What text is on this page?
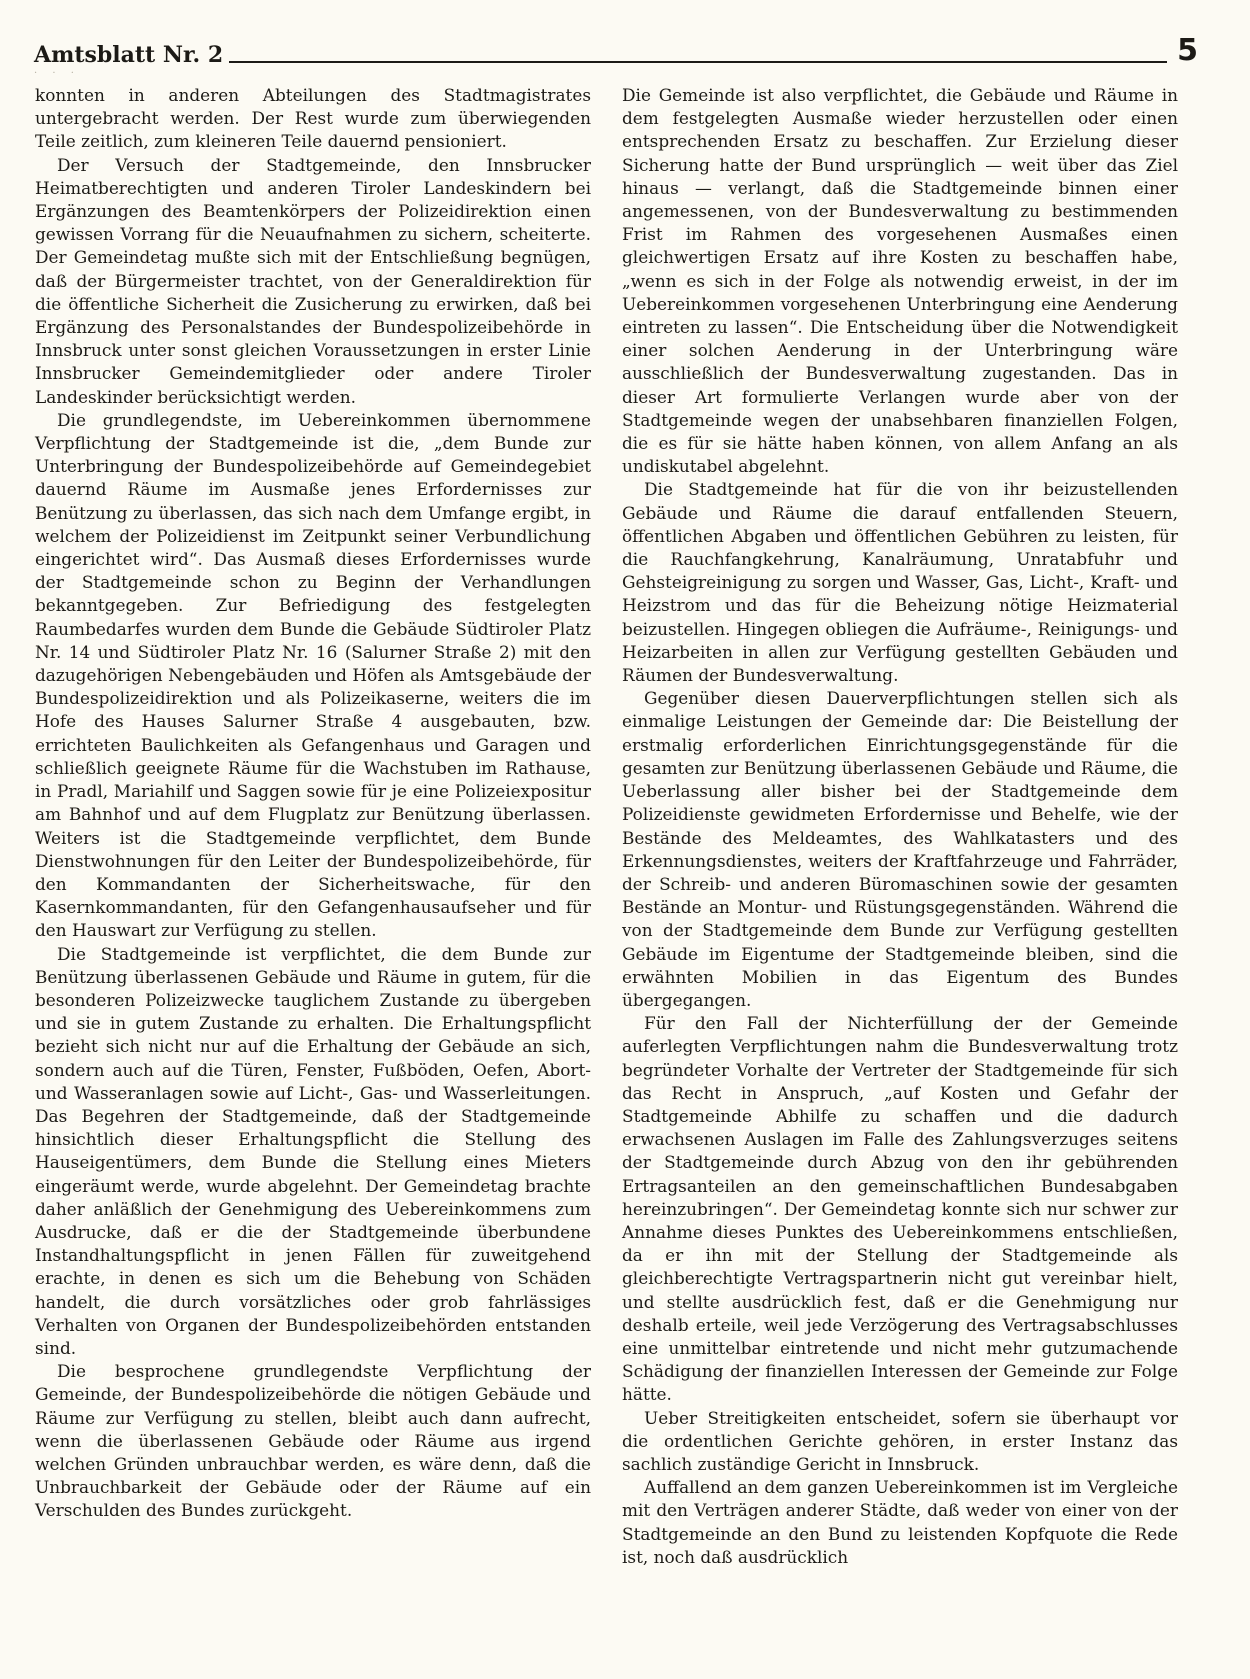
Amtsblatt Nr. 2	5
· · ·

konnten in anderen Abteilungen des Stadtmagistrates untergebracht werden. Der Rest wurde zum überwiegenden Teile zeitlich, zum kleineren Teile dauernd pensioniert.

Der Versuch der Stadtgemeinde, den Innsbrucker Heimatberechtigten und anderen Tiroler Landeskindern bei Ergänzungen des Beamtenkörpers der Polizeidirektion einen gewissen Vorrang für die Neuaufnahmen zu sichern, scheiterte. Der Gemeindetag mußte sich mit der Entschließung begnügen, daß der Bürgermeister trachtet, von der Generaldirektion für die öffentliche Sicherheit die Zusicherung zu erwirken, daß bei Ergänzung des Personalstandes der Bundespolizeibehörde in Innsbruck unter sonst gleichen Voraussetzungen in erster Linie Innsbrucker Gemeindemitglieder oder andere Tiroler Landeskinder berücksichtigt werden.

Die grundlegendste, im Uebereinkommen übernommene Verpflichtung der Stadtgemeinde ist die, „dem Bunde zur Unterbringung der Bundespolizeibehörde auf Gemeindegebiet dauernd Räume im Ausmaße jenes Erfordernisses zur Benützung zu überlassen, das sich nach dem Umfange ergibt, in welchem der Polizeidienst im Zeitpunkt seiner Verbundlichung eingerichtet wird“. Das Ausmaß dieses Erfordernisses wurde der Stadtgemeinde schon zu Beginn der Verhandlungen bekanntgegeben. Zur Befriedigung des festgelegten Raumbedarfes wurden dem Bunde die Gebäude Südtiroler Platz Nr. 14 und Südtiroler Platz Nr. 16 (Salurner Straße 2) mit den dazugehörigen Nebengebäuden und Höfen als Amtsgebäude der Bundespolizeidirektion und als Polizeikaserne, weiters die im Hofe des Hauses Salurner Straße 4 ausgebauten, bzw. errichteten Baulichkeiten als Gefangenhaus und Garagen und schließlich geeignete Räume für die Wachstuben im Rathause, in Pradl, Mariahilf und Saggen sowie für je eine Polizeiexpositur am Bahnhof und auf dem Flugplatz zur Benützung überlassen. Weiters ist die Stadtgemeinde verpflichtet, dem Bunde Dienstwohnungen für den Leiter der Bundespolizeibehörde, für den Kommandanten der Sicherheitswache, für den Kasernkommandanten, für den Gefangenhausaufseher und für den Hauswart zur Verfügung zu stellen.

Die Stadtgemeinde ist verpflichtet, die dem Bunde zur Benützung überlassenen Gebäude und Räume in gutem, für die besonderen Polizeizwecke tauglichem Zustande zu übergeben und sie in gutem Zustande zu erhalten. Die Erhaltungspflicht bezieht sich nicht nur auf die Erhaltung der Gebäude an sich, sondern auch auf die Türen, Fenster, Fußböden, Oefen, Abort- und Wasseranlagen sowie auf Licht-, Gas- und Wasserleitungen. Das Begehren der Stadtgemeinde, daß der Stadtgemeinde hinsichtlich dieser Erhaltungspflicht die Stellung des Hauseigentümers, dem Bunde die Stellung eines Mieters eingeräumt werde, wurde abgelehnt. Der Gemeindetag brachte daher anläßlich der Genehmigung des Uebereinkommens zum Ausdrucke, daß er die der Stadtgemeinde überbundene Instandhaltungspflicht in jenen Fällen für zuweitgehend erachte, in denen es sich um die Behebung von Schäden handelt, die durch vorsätzliches oder grob fahrlässiges Verhalten von Organen der Bundespolizeibehörden entstanden sind.

Die besprochene grundlegendste Verpflichtung der Gemeinde, der Bundespolizeibehörde die nötigen Gebäude und Räume zur Verfügung zu stellen, bleibt auch dann aufrecht, wenn die überlassenen Gebäude oder Räume aus irgend welchen Gründen unbrauchbar werden, es wäre denn, daß die Unbrauchbarkeit der Gebäude oder der Räume auf ein Verschulden des Bundes zurückgeht.

Die Gemeinde ist also verpflichtet, die Gebäude und Räume in dem festgelegten Ausmaße wieder herzustellen oder einen entsprechenden Ersatz zu beschaffen. Zur Erzielung dieser Sicherung hatte der Bund ursprünglich — weit über das Ziel hinaus — verlangt, daß die Stadtgemeinde binnen einer angemessenen, von der Bundesverwaltung zu bestimmenden Frist im Rahmen des vorgesehenen Ausmaßes einen gleichwertigen Ersatz auf ihre Kosten zu beschaffen habe, „wenn es sich in der Folge als notwendig erweist, in der im Uebereinkommen vorgesehenen Unterbringung eine Aenderung eintreten zu lassen“. Die Entscheidung über die Notwendigkeit einer solchen Aenderung in der Unterbringung wäre ausschließlich der Bundesverwaltung zugestanden. Das in dieser Art formulierte Verlangen wurde aber von der Stadtgemeinde wegen der unabsehbaren finanziellen Folgen, die es für sie hätte haben können, von allem Anfang an als undiskutabel abgelehnt.

Die Stadtgemeinde hat für die von ihr beizustellenden Gebäude und Räume die darauf entfallenden Steuern, öffentlichen Abgaben und öffentlichen Gebühren zu leisten, für die Rauchfangkehrung, Kanalräumung, Unratabfuhr und Gehsteigreinigung zu sorgen und Wasser, Gas, Licht-, Kraft- und Heizstrom und das für die Beheizung nötige Heizmaterial beizustellen. Hingegen obliegen die Aufräume-, Reinigungs- und Heizarbeiten in allen zur Verfügung gestellten Gebäuden und Räumen der Bundesverwaltung.

Gegenüber diesen Dauerverpflichtungen stellen sich als einmalige Leistungen der Gemeinde dar: Die Beistellung der erstmalig erforderlichen Einrichtungsgegenstände für die gesamten zur Benützung überlassenen Gebäude und Räume, die Ueberlassung aller bisher bei der Stadtgemeinde dem Polizeidienste gewidmeten Erfordernisse und Behelfe, wie der Bestände des Meldeamtes, des Wahlkatasters und des Erkennungsdienstes, weiters der Kraftfahrzeuge und Fahrräder, der Schreib- und anderen Büromaschinen sowie der gesamten Bestände an Montur- und Rüstungsgegenständen. Während die von der Stadtgemeinde dem Bunde zur Verfügung gestellten Gebäude im Eigentume der Stadtgemeinde bleiben, sind die erwähnten Mobilien in das Eigentum des Bundes übergegangen.

Für den Fall der Nichterfüllung der der Gemeinde auferlegten Verpflichtungen nahm die Bundesverwaltung trotz begründeter Vorhalte der Vertreter der Stadtgemeinde für sich das Recht in Anspruch, „auf Kosten und Gefahr der Stadtgemeinde Abhilfe zu schaffen und die dadurch erwachsenen Auslagen im Falle des Zahlungsverzuges seitens der Stadtgemeinde durch Abzug von den ihr gebührenden Ertragsanteilen an den gemeinschaftlichen Bundesabgaben hereinzubringen“. Der Gemeindetag konnte sich nur schwer zur Annahme dieses Punktes des Uebereinkommens entschließen, da er ihn mit der Stellung der Stadtgemeinde als gleichberechtigte Vertragspartnerin nicht gut vereinbar hielt, und stellte ausdrücklich fest, daß er die Genehmigung nur deshalb erteile, weil jede Verzögerung des Vertragsabschlusses eine unmittelbar eintretende und nicht mehr gutzumachende Schädigung der finanziellen Interessen der Gemeinde zur Folge hätte.

Ueber Streitigkeiten entscheidet, sofern sie überhaupt vor die ordentlichen Gerichte gehören, in erster Instanz das sachlich zuständige Gericht in Innsbruck.

Auffallend an dem ganzen Uebereinkommen ist im Vergleiche mit den Verträgen anderer Städte, daß weder von einer von der Stadtgemeinde an den Bund zu leistenden Kopfquote die Rede ist, noch daß ausdrücklich
